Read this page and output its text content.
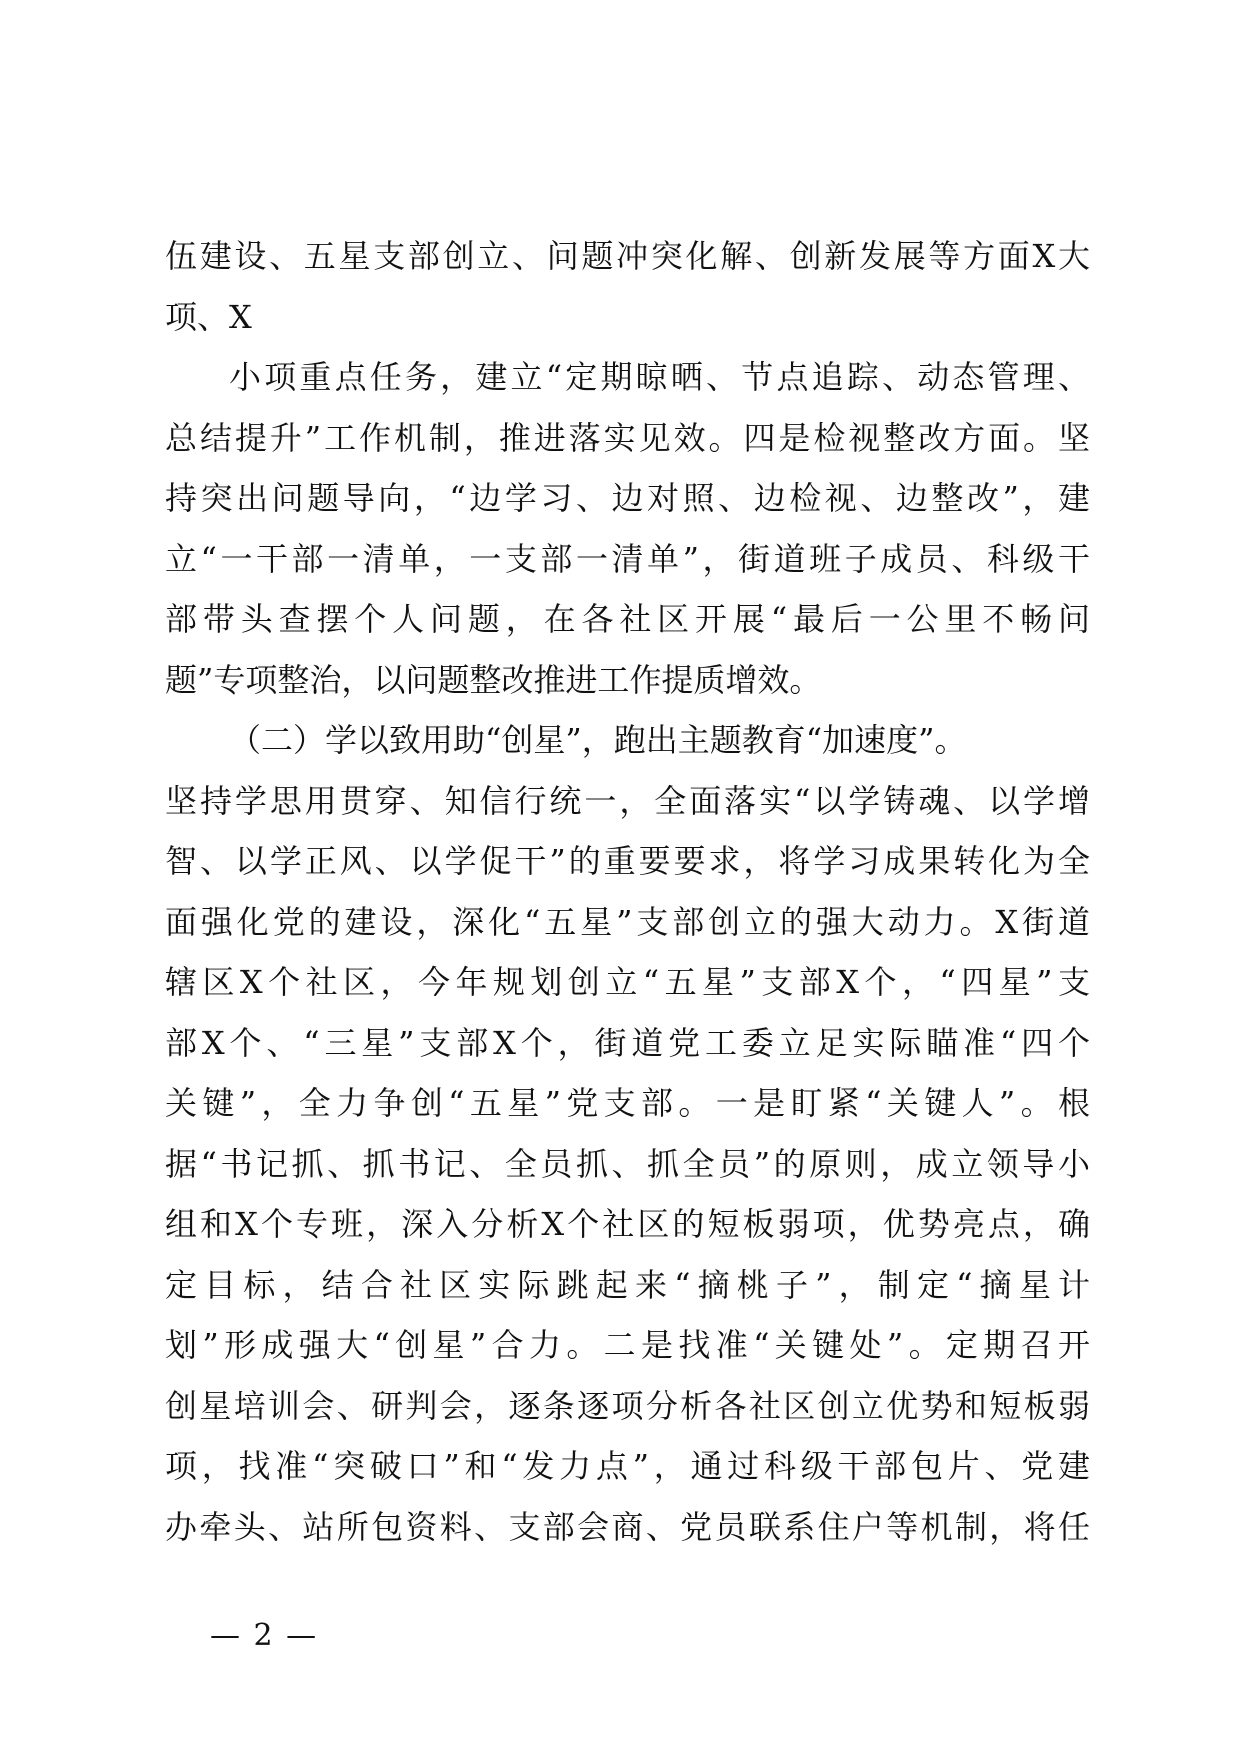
伍建设、五星支部创立、问题冲突化解、创新发展等方面X大
项、X
小项重点任务，建立“定期晾晒、节点追踪、动态管理、
总结提升”工作机制，推进落实见效。四是检视整改方面。坚
持突出问题导向，“边学习、边对照、边检视、边整改”，建
立“一干部一清单，一支部一清单”，街道班子成员、科级干
部带头查摆个人问题，在各社区开展“最后一公里不畅问
题”专项整治，以问题整改推进工作提质增效。
（二）学以致用助“创星”，跑出主题教育“加速度”。
坚持学思用贯穿、知信行统一，全面落实“以学铸魂、以学增
智、以学正风、以学促干”的重要要求，将学习成果转化为全
面强化党的建设，深化“五星”支部创立的强大动力。X街道
辖区X个社区，今年规划创立“五星”支部X个，“四星”支
部X个、“三星”支部X个，街道党工委立足实际瞄准“四个
关键”，全力争创“五星”党支部。一是盯紧“关键人”。根
据“书记抓、抓书记、全员抓、抓全员”的原则，成立领导小
组和X个专班，深入分析X个社区的短板弱项，优势亮点，确
定目标，结合社区实际跳起来“摘桃子”，制定“摘星计
划”形成强大“创星”合力。二是找准“关键处”。定期召开
创星培训会、研判会，逐条逐项分析各社区创立优势和短板弱
项，找准“突破口”和“发力点”，通过科级干部包片、党建
办牵头、站所包资料、支部会商、党员联系住户等机制，将任
— 2 —
